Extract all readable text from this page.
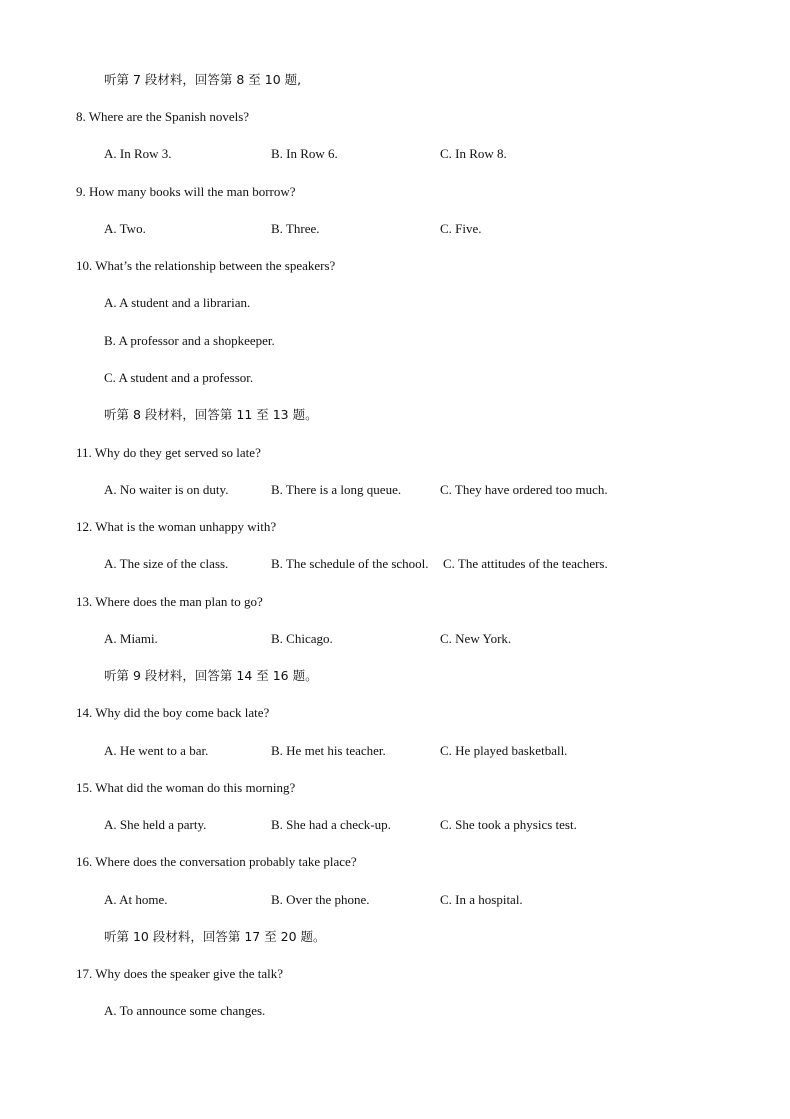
听第 7 段材料，回答第 8 至 10 题,
8. Where are the Spanish novels?
A. In Row 3.	B. In Row 6.	C. In Row 8.
9. How many books will the man borrow?
A. Two.	B. Three.	C. Five.
10. What’s the relationship between the speakers?
A. A student and a librarian.
B. A professor and a shopkeeper.
C. A student and a professor.
听第 8 段材料，回答第 11 至 13 题。
11. Why do they get served so late?
A. No waiter is on duty.	B. There is a long queue.	C. They have ordered too much.
12. What is the woman unhappy with?
A. The size of the class.	B. The schedule of the school. C. The attitudes of the teachers.
13. Where does the man plan to go?
A. Miami.	B. Chicago.	C. New York.
听第 9 段材料，回答第 14 至 16 题。
14. Why did the boy come back late?
A. He went to a bar.	B. He met his teacher.	C. He played basketball.
15. What did the woman do this morning?
A. She held a party.	B. She had a check-up.	C. She took a physics test.
16. Where does the conversation probably take place?
A. At home.	B. Over the phone.	C. In a hospital.
听第 10 段材料，回答第 17 至 20 题。
17. Why does the speaker give the talk?
A. To announce some changes.
